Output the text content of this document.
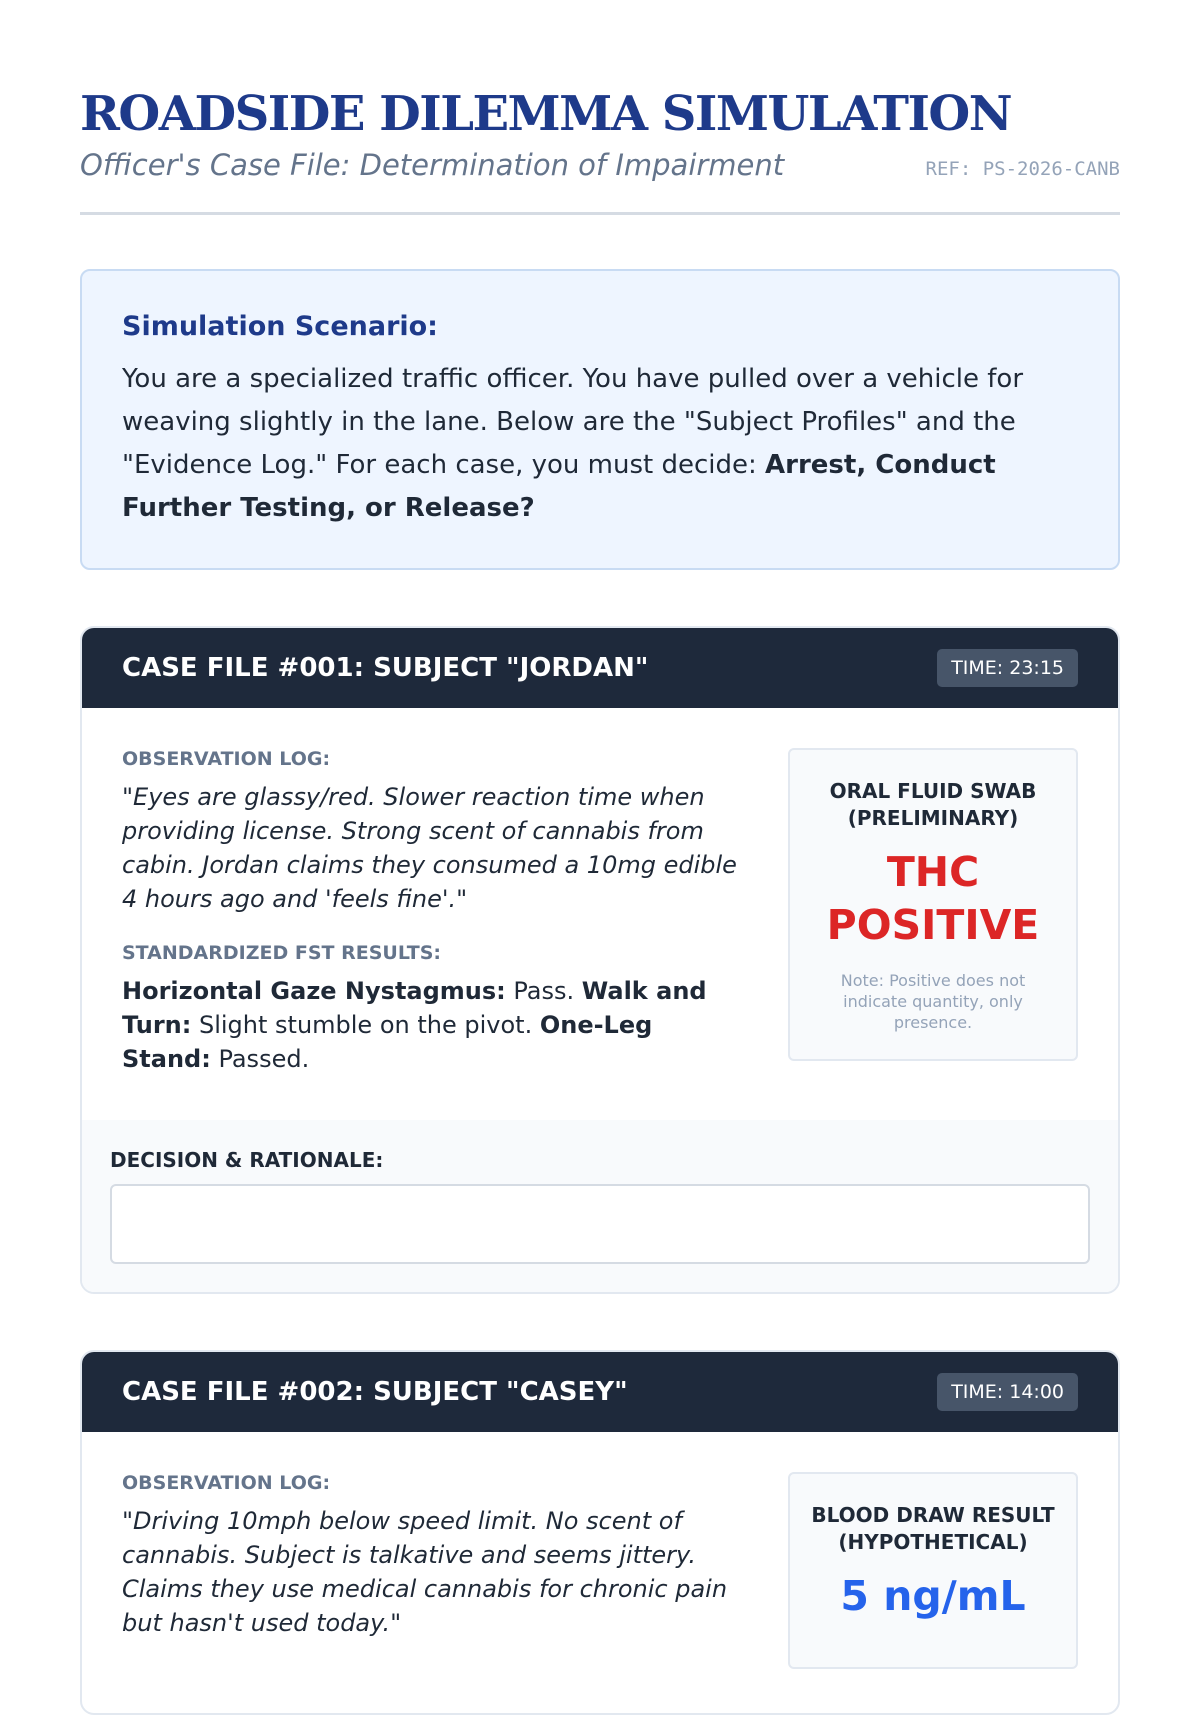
ROADSIDE DILEMMA SIMULATION
Officer's Case File: Determination of Impairment	REF: PS-2026-CANB
Simulation Scenario:

You are a specialized traffic officer. You have pulled over a vehicle for weaving slightly in the lane. Below are the "Subject Profiles" and the "Evidence Log." For each case, you must decide: Arrest, Conduct Further Testing, or Release?

CASE FILE #001: SUBJECT "JORDAN"	TIME: 23:15
OBSERVATION LOG:

"Eyes are glassy/red. Slower reaction time when providing license. Strong scent of cannabis from cabin. Jordan claims they consumed a 10mg edible 4 hours ago and 'feels fine'."

STANDARDIZED FST RESULTS:

Horizontal Gaze Nystagmus: Pass. Walk and Turn: Slight stumble on the pivot. One-Leg Stand: Passed.

ORAL FLUID SWAB (PRELIMINARY)
THC POSITIVE
Note: Positive does not indicate quantity, only presence.
DECISION & RATIONALE:
CASE FILE #002: SUBJECT "CASEY"	TIME: 14:00
OBSERVATION LOG:

"Driving 10mph below speed limit. No scent of cannabis. Subject is talkative and seems jittery. Claims they use medical cannabis for chronic pain but hasn't used today."

BLOOD DRAW RESULT (HYPOTHETICAL)
5 ng/mL
